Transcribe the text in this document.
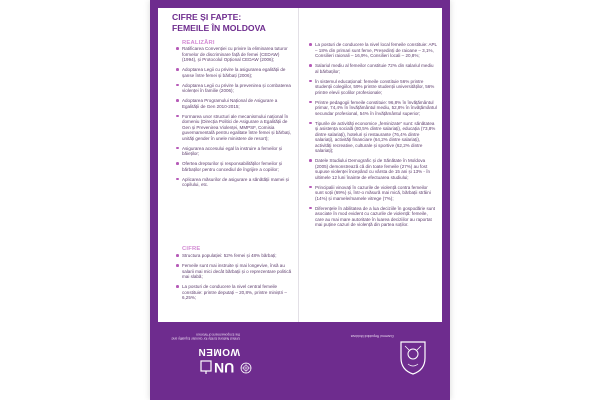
CIFRE ȘI FAPTE:
FEMEILE ÎN MOLDOVA
REALIZĂRI
Ratificarea Convenției cu privire la eliminarea tuturor formelor de discriminare față de femei (CEDAW) (1994), și Protocolul Opțional CEDAW (2006);
Adoptarea Legii cu privire la asigurarea egalității de șanse între femei și bărbați (2006);
Adoptarea Legii cu privire la prevenirea și combaterea violenței în familie (2006);
Adoptarea Programului Național de Asigurare a Egalității de Gen 2010-2015;
Formarea unor structuri ale mecanismului național în domeniu (Direcția Politici de Asigurare a Egalității de Gen și Prevenirea Violenței, MMPSF, Comisia guvernamentală pentru egalitate între femei și bărbați, unități gender în unele ministere de resort);
Asigurarea accesului egal la instruire a femeilor și băieților;
Ofertea drepturilor și responsabilităților femeilor și bărbaților pentru concediul de îngrijire a copiilor;
Aplicarea măsurilor de asigurare a sănătății mamei și copilului, etc.
CIFRE
Structura populației: 52% femei și 48% bărbați;
Femeile sunt mai instruite și mai longevive, însă au salarii mai mici decât bărbații și o reprezentare politică mai slabă;
La posturi de conducere la nivel central femeile constituie: printre deputați – 20,8%, printre miniștri – 6,25%;
La posturi de conducere la nivel local femeile constituie: APL – 18% din primari sunt feme, Președinți de raioane – 3,1%, Consilieri raionali – 16,9%, Consilieri locali – 20,8%;
Salariul mediu al femeilor constituie 72% din salariul mediu al bărbaților;
În sistemul educațional: femeile constituie 56% printre studenții colegiilor, 59% printre studenții universităților, 56% printre elevii școlilor profesionale;
Printre pedagogii femeile constituie: 96,8% în învățământul primar, 74,4% în învățământul mediu, 52,8% în învățământul secundar profesional, 54% în învățământul superior;
Tipurile de activități economice „feminizate” sunt: sănătatea și asistența socială (80,5% dintre salariați), educația (73,8% dintre salariați), hoteluri și restaurante (76,4% dintre salariați), activități financiare (64,2% dintre salariați), activități recreative, culturale și sportive (62,2% dintre salariați);
Datele Studiului Demografic și de Sănătate în Moldova (2005) demonstrează că din toate femeile (27%) au fost supuse violenței începând cu vârsta de 15 ani și 13% - în ultimele 12 luni înainte de efectuarea studiului;
Principalii vinovați în cazurile de violență contra femeilor sunt soții (69%) și, într-o măsură mai mică, bărbații străini (14%) și mamele/mamele vitrege (7%);
Diferențele în abilitatea de a lua deciziile în gospodărie sunt asociate în mod evident cu cazurile de violență: femeile, care au mai mare autoritate în luarea deciziilor au raportat mai puține cazuri de violență din partea soților.
UN
WOMEN
United Nations Entity for Gender Equality and the Empowerment of Women	Guvernul Republicii Moldova
